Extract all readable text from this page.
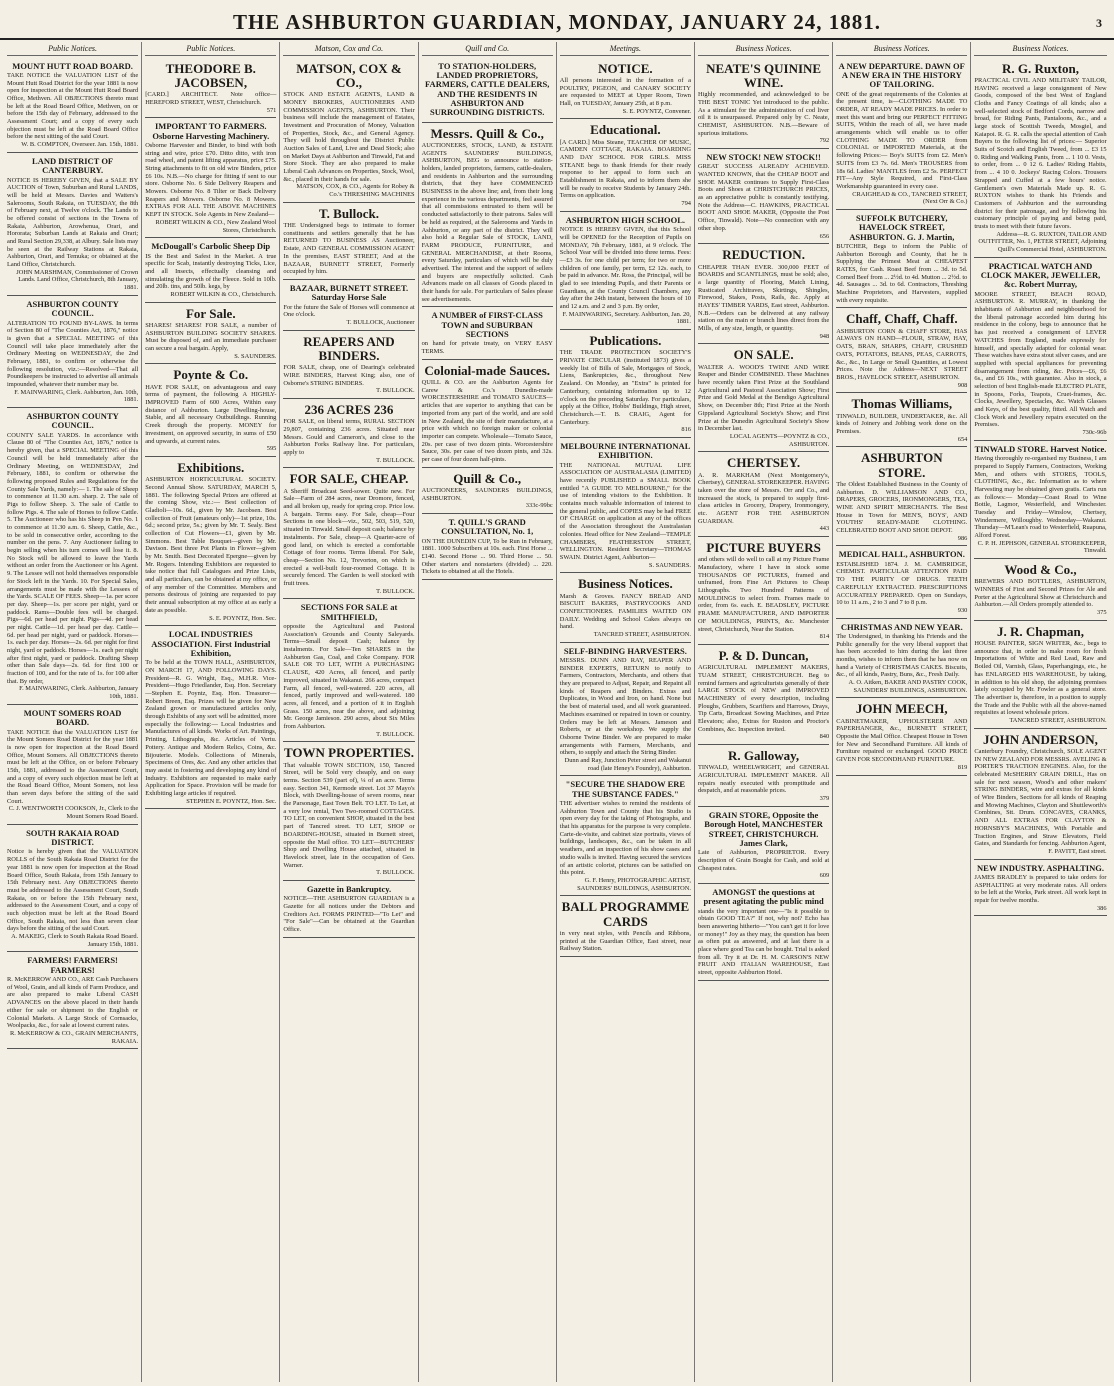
THE ASHBURTON GUARDIAN, MONDAY, JANUARY 24, 1881.	3
Public Notices.
MOUNT HUTT ROAD BOARD.

TAKE NOTICE the VALUATION LIST of the Mount Hutt Road District for the year 1881 is now open for inspection at the Mount Hutt Road Board Office, Methven. All OBJECTIONS thereto must be left at the Road Board Office, Methven, on or before the 15th day of February, addressed to the Assessment Court; and a copy of every such objection must be left at the Road Board Office before the next sitting of the said Court.

W. B. COMPTON, Overseer. Jan. 15th, 1881.
LAND DISTRICT OF CANTERBURY.

NOTICE IS HEREBY GIVEN, that a SALE BY AUCTION of Town, Suburban and Rural LANDS, will be held at Messrs. Davies and Watters's Salerooms, South Rakaia, on TUESDAY, the 8th of February next, at Twelve o'clock. The Lands to be offered consist of sections in the Towns of Rakaia, Ashburton, Arowhenua, Orari, and Hororata; Suburban Lands at Rakaia and Orari; and Rural Section 29,338, at Albury. Sale lists may be seen at the Railway Stations at Rakaia, Ashburton, Orari, and Temuka; or obtained at the Land Office, Christchurch.

JOHN MARSHMAN, Commissioner of Crown Lands. Land Office, Christchurch, 8th January, 1881.
ASHBURTON COUNTY COUNCIL.

ALTERATION TO FOUND BY-LAWS. In terms of Section 80 of "The Counties Act, 1876," notice is given that a SPECIAL MEETING of this Council will take place immediately after the Ordinary Meeting on WEDNESDAY, the 2nd February, 1881, to confirm or otherwise the following resolution, viz.:—Resolved—That all Poundkeepers be instructed to advertise all animals impounded, whatever their number may be.

F. MAINWARING, Clerk. Ashburton, Jan. 10th, 1881.
ASHBURTON COUNTY COUNCIL.

COUNTY SALE YARDS. In accordance with Clause 80 of "The Counties Act, 1876," notice is hereby given, that a SPECIAL MEETING of this Council will be held immediately after the Ordinary Meeting, on WEDNESDAY, 2nd February, 1881, to confirm or otherwise the following proposed Rules and Regulations for the County Sale Yards, namely:— 1. The sale of Sheep to commence at 11.30 a.m. sharp. 2. The sale of Pigs to follow Sheep. 3. The sale of Cattle to follow Pigs. 4. The sale of Horses to follow Cattle. 5. The Auctioneer who has his Sheep in Pen No. 1 to commence at 11.30 a.m. 6. Sheep, Cattle, &c., to be sold in consecutive order, according to the number on the pens. 7. Any Auctioneer failing to begin selling when his turn comes will lose it. 8. No Stock will be allowed to leave the Yards without an order from the Auctioneer or his Agent. 9. The Lessee will not hold themselves responsible for Stock left in the Yards. 10. For Special Sales, arrangements must be made with the Lessees of the Yards. SCALE OF FEES. Sheep—1a. per score per day. Sheep—1s. per score per night, yard or paddock. Rams—Double fees will be charged. Pigs—6d. per head per night. Pigs—4d. per head per night. Cattle—1d. per head per day. Cattle—6d. per head per night, yard or paddock. Horses—1s. each per day. Horses—2s. 6d. per night for first night, yard or paddock. Horses—1s. each per night after first night, yard or paddock. Drafting Sheep other than Sale days—2s. 6d. for first 100 or fraction of 100, and for the rate of 1s. for 100 after that. By order,

F. MAINWARING, Clerk. Ashburton, January 10th, 1881.
MOUNT SOMERS ROAD BOARD.

TAKE NOTICE that the VALUATION LIST for the Mount Somers Road District for the year 1881 is now open for inspection at the Road Board Office, Mount Somers. All OBJECTIONS thereto must be left at the Office, on or before February 15th, 1881, addressed to the Assessment Court, and a copy of every such objection must be left at the Road Board Office, Mount Somers, not less than seven days before the sitting of the said Court.

C. J. WENTWORTH COOKSON, Jr., Clerk to the Mount Somers Road Board.
SOUTH RAKAIA ROAD DISTRICT.

Notice is hereby given that the VALUATION ROLLS of the South Rakaia Road District for the year 1881 is now open for inspection at the Road Board Office, South Rakaia, from 15th January to 15th February next. Any OBJECTIONS thereto must be addressed to the Assessment Court, South Rakaia, on or before the 15th February next, addressed to the Assessment Court, and a copy of such objection must be left at the Road Board Office, South Rakaia, not less than seven clear days before the sitting of the said Court.

A. MAKEIG, Clerk to South Rakaia Road Board. January 15th, 1881.
FARMERS! FARMERS! FARMERS!

R. McKERROW AND CO., ARE Cash Purchasers of Wool, Grain, and all kinds of Farm Produce, and are also prepared to make Liberal CASH ADVANCES on the above placed in their hands either for sale or shipment to the English or Colonial Markets. A Large Stock of Cornsacks, Woolpacks, &c., for sale at lowest current rates.

R. McKERROW & CO., GRAIN MERCHANTS, RAKAIA.
Public Notices.
THEODORE B. JACOBSEN,

[CARD.] ARCHITECT. Note office—HEREFORD STREET, WEST, Christchurch.

571
IMPORTANT TO FARMERS. Osborne Harvesting Machinery.

Osborne Harvester and Binder, to bind with both string and wire, price £70. Ditto ditto, with iron road wheel, and patent lifting apparatus, price £75. String attachments to fit on old wire Binders, price £6 10s. N.B.—No charge for fitting if sent to our store. Osborne No. 6 Side Delivery Reapers and Mowers. Osborne No. 8 Tilter or Back Delivery Reapers and Mowers. Osborne No. 8 Mowers. EXTRAS FOR ALL THE ABOVE MACHINES KEPT IN STOCK. Sole Agents in New Zealand—

ROBERT WILKIN & CO., New Zealand Wool Stores, Christchurch.
McDougall's Carbolic Sheep Dip

IS the Best and Safest in the Market. A true specific for Scab, instantly destroying Ticks, Lice, and all Insects, effectually cleansing and stimulating the growth of the Fleece. Sold in 10lb. and 20lb. tins, and 50lb. kegs, by

ROBERT WILKIN & CO., Christchurch.
For Sale.

SHARES! SHARES! FOR SALE, a number of ASHBURTON BUILDING SOCIETY SHARES. Must be disposed of, and an immediate purchaser can secure a real bargain. Apply,

S. SAUNDERS.
Poynte & Co.

HAVE FOR SALE, on advantageous and easy terms of payment, the following A HIGHLY-IMPROVED Farm of 600 Acres, Within easy distance of Ashburton. Large Dwelling-house, Stable, and all necessary Outbuildings. Running Creek through the property. MONEY for investment, on approved security, in sums of £50 and upwards, at current rates.

595
Exhibitions.

ASHBURTON HORTICULTURAL SOCIETY. Second Annual Show. SATURDAY, MARCH 5, 1881. The following Special Prizes are offered at the coming Show, viz.:— Best collection of Gladioli—10s. 6d., given by Mr. Jacobsen. Best collection of Fruit (amateurs only)—1st prize, 10s. 6d.; second prize, 5s.; given by Mr. T. Sealy. Best collection of Cut Flowers—£1, given by Mr. Simmons. Best Table Bouquet—given by Mr. Davison. Best three Pot Plants in Flower—given by Mr. Smith. Best Decorated Epergne—given by Mr. Rogers. Intending Exhibitors are requested to take notice that full Catalogues and Prize Lists, and all particulars, can be obtained at my office, or of any member of the Committee. Members and persons desirous of joining are requested to pay their annual subscription at my office at as early a date as possible.

S. E. POYNTZ, Hon. Sec.
LOCAL INDUSTRIES ASSOCIATION. First Industrial Exhibition,

To be held at the TOWN HALL, ASHBURTON, ON MARCH 17, AND FOLLOWING DAYS. President—R. G. Wright, Esq., M.H.R. Vice-President—Hugo Friedlander, Esq. Hon. Secretary—Stephen E. Poyntz, Esq. Hon. Treasurer—Robert Breen, Esq. Prizes will be given for New Zealand grown or manufactured articles only, through Exhibits of any sort will be admitted, more especially the following:— Local Industries and Manufactures of all kinds. Works of Art. Paintings, Printing, Lithographs, &c. Articles of Vertu. Pottery. Antique and Modern Relics, Coins, &c. Bijouterie. Models. Collections of Minerals, Specimens of Ores, &c. And any other articles that may assist in fostering and developing any kind of Industry. Exhibitors are requested to make early Application for Space. Provision will be made for Exhibiting large articles if required.

STEPHEN E. POYNTZ, Hon. Sec.
Matson, Cox and Co.
MATSON, COX & CO.,

STOCK AND ESTATE AGENTS, LAND & MONEY BROKERS, AUCTIONEERS AND COMMISSION AGENTS, ASHBURTON. Their business will include the management of Estates, Investment and Procuration of Money, Valuation of Properties, Stock, &c., and General Agency. They will hold throughout the District Public Auction Sales of Land, Live and Dead Stock; also on Market Days at Ashburton and Tinwald, Fat and Store Stock. They are also prepared to make Liberal Cash Advances on Properties, Stock, Wool, &c., placed in their hands for sale.

MATSON, COX, & CO., Agents for Robey & Co.'s THRESHING MACHINES
T. Bullock.

THE Undersigned begs to intimate to former constituents and settlers generally that he has RETURNED TO BUSINESS AS Auctioneer, Estate, AND GENERAL COMMISSION AGENT In the premises, EAST STREET, And at the BAZAAR, BURNETT STREET, Formerly occupied by him.

BAZAAR, BURNETT STREET. Saturday Horse Sale

For the future the Sale of Horses will commence at One o'clock.

T. BULLOCK, Auctioneer
REAPERS AND BINDERS.

FOR SALE, cheap, one of Dearing's celebrated WIRE BINDERS, Harvest King; also, one of Osborne's STRING BINDERS.

T. BULLOCK.
236 ACRES 236

FOR SALE, on liberal terms, RURAL SECTION 29,807, containing 236 acres. Situated near Messrs. Gould and Cameron's, and close to the Ashburton Forks Railway line. For particulars, apply to

T. BULLOCK.
FOR SALE, CHEAP.

A Sheriff Broadcast Seed-sower. Quite new. For Sale—Farm of 284 acres, near Dromore, fenced, and all broken up, ready for spring crop. Price low. A bargain. Terms easy. For Sale, cheap—Four Sections in one block—viz., 502, 503, 519, 520, situated in Tinwald. Small deposit cash; balance by instalments. For Sale, cheap—A Quarter-acre of good land, on which is erected a comfortable Cottage of four rooms. Terms liberal. For Sale, cheap—Section No. 12, Trevorton, on which is erected a well-built four-roomed Cottage. It is securely fenced. The Garden is well stocked with fruit trees.

T. BULLOCK.
SECTIONS FOR SALE at SMITHFIELD,

opposite the Agricultural and Pastoral Association's Grounds and County Saleyards. Terms—Small deposit Cash; balance by instalments. For Sale—Ten SHARES in the Ashburton Gas, Coal, and Coke Company. FOR SALE OR TO LET, WITH A PURCHASING CLAUSE, 420 Acres, all fenced, and partly improved, situated in Wakanui. 266 acres, compact Farm, all fenced, well-watered. 220 acres, all fenced, partly improved and well-watered. 180 acres, all fenced, and a portion of it in English Grass. 150 acres, near the above, and adjoining Mr. George Jamieson. 290 acres, about Six Miles from Ashburton.

T. BULLOCK.
TOWN PROPERTIES.

That valuable TOWN SECTION, 150, Tancred Street, will be Sold very cheaply, and on easy terms. Section 539 (part of), ¼ of an acre. Terms easy. Section 341, Kermode street. Lot 37 Mayo's Block, with Dwelling-house of seven rooms, near the Parsonage, East Town Belt. TO LET. To Let, at a very low rental, Two Two-roomed COTTAGES. TO LET, on convenient SHOP, situated in the best part of Tancred street. TO LET, SHOP or BOARDING-HOUSE, situated in Burnett street, opposite the Mail office. TO LET—BUTCHERS' Shop and Dwelling House attached, situated in Havelock street, late in the occupation of Geo. Warner.

T. BULLOCK.
Gazette in Bankruptcy.

NOTICE—THE ASHBURTON GUARDIAN is a Gazette for all notices under the Debtors and Creditors Act. FORMS PRINTED—"To Let" and "For Sale"—Can be obtained at the Guardian Office.

Quill and Co.
TO STATION-HOLDERS, LANDED PROPRIETORS, FARMERS, CATTLE DEALERS, AND THE RESIDENTS IN ASHBURTON AND SURROUNDING DISTRICTS.
Messrs. Quill & Co.,

AUCTIONEERS, STOCK, LAND, & ESTATE AGENTS SAUNDERS' BUILDINGS, ASHBURTON, BEG to announce to station-holders, landed proprietors, farmers, cattle-dealers, and residents in Ashburton and the surrounding districts, that they have COMMENCED BUSINESS in the above line; and, from their long experience in the various departments, feel assured that all commissions entrusted to them will be conducted satisfactorily to their patrons. Sales will be held as required, at the Salerooms and Yards in Ashburton, or any part of the district. They will also hold a Regular Sale of STOCK, LAND, FARM PRODUCE, FURNITURE, and GENERAL MERCHANDISE, at their Rooms, every Saturday, particulars of which will be duly advertised. The interest and the support of sellers and buyers are respectfully solicited. Cash Advances made on all classes of Goods placed in their hands for sale. For particulars of Sales please see advertisements.

A NUMBER of FIRST-CLASS TOWN and SUBURBAN SECTIONS

on hand for private treaty, on VERY EASY TERMS.

Colonial-made Sauces.

QUILL & CO. are the Ashburton Agents for Carew & Co.'s Dunedin-made WORCESTERSHIRE and TOMATO SAUCES—articles that are superior to anything that can be imported from any part of the world, and are sold in New Zealand, the site of their manufacture, at a price with which no foreign maker or colonial importer can compete. Wholesale—Tomato Sauce, 20s. per case of two dozen pints. Worcestershire Sauce, 30s. per case of two dozen pints, and 32s. per case of four dozen half-pints.

Quill & Co.,

AUCTIONEERS, SAUNDERS BUILDINGS, ASHBURTON.

333c-99bc
T. QUILL'S GRAND CONSULTATION, No. 1,

ON THE DUNEDIN CUP, To be Run in February, 1881. 1000 Subscribers at 10s. each. First Horse ... £140. Second Horse ... 90. Third Horse ... 50. Other starters and nonstarters (divided) ... 220. Tickets to obtained at all the Hotels.

Meetings.
NOTICE.

All persons interested in the formation of a POULTRY, PIGEON, and CANARY SOCIETY are requested to MEET at Upper Room, Town Hall, on TUESDAY, January 25th, at 8 p.m.

S. E. POYNTZ, Convener.
Educational.

[A CARD.] Miss Steane, TEACHER OF MUSIC, CAMDEN COTTAGE, RAKAIA. BOARDING AND DAY SCHOOL FOR GIRLS. MISS STEANE begs to thank friends for their ready response to her appeal to form such an Establishment in Rakaia, and to inform them she will be ready to receive Students by January 24th. Terms on application.

794
ASHBURTON HIGH SCHOOL.

NOTICE IS HEREBY GIVEN, that this School will be OPENED for the Reception of Pupils on MONDAY, 7th February, 1881, at 9 o'clock. The School Year will be divided into three terms. Fees:—£3 3s. for one child per term; for two or more children of one family, per term, £2 12s. each, to be paid in advance. Mr. Ross, the Principal, will be glad to see intending Pupils, and their Parents or Guardians, at the County Council Chambers, any day after the 24th instant, between the hours of 10 and 12 a.m. and 2 and 3 p.m. By order,

F. MAINWARING, Secretary. Ashburton, Jan. 20, 1881.
Publications.

THE TRADE PROTECTION SOCIETY'S PRIVATE CIRCULAR (instituted 1873) gives a weekly list of Bills of Sale, Mortgages of Stock, Liens, Bankruptcies, &c., throughout New Zealand. On Monday, an "Extra" is printed for Canterbury, containing information up to 12 o'clock on the preceding Saturday. For particulars, apply at the Office, Hobbs' Buildings, High street, Christchurch.—T. B. CRAIG, Agent for Canterbury.

816
MELBOURNE INTERNATIONAL EXHIBITION.

THE NATIONAL MUTUAL LIFE ASSOCIATION OF AUSTRALASIA (LIMITED) have recently PUBLISHED a SMALL BOOK entitled "A GUIDE TO MELBOURNE," for the use of intending visitors to the Exhibition. It contains much valuable information of interest to the general public, and COPIES may be had FREE OF CHARGE on application at any of the offices of the Association throughout the Australasian colonies. Head office for New Zealand—TEMPLE CHAMBERS, FEATHERSTON STREET, WELLINGTON. Resident Secretary—THOMAS SWAIN. District Agent, Ashburton—

S. SAUNDERS.
Business Notices.

Marsh & Groves. FANCY BREAD AND BISCUIT BAKERS, PASTRYCOOKS AND CONFECTIONERS. FAMILIES WAITED ON DAILY. Wedding and School Cakes always on hand.

TANCRED STREET, ASHBURTON.
SELF-BINDING HARVESTERS.

MESSRS. DUNN AND RAY, REAPER AND BINDER EXPERTS, RETURN to notify to Farmers, Contractors, Merchants, and others that they are prepared to Adjust, Repair, and Repaint all kinds of Reapers and Binders. Extras and Duplicates, in Wood and Iron, on hand. None but the best of material used, and all work guaranteed. Machines examined or repaired in town or country. Orders may be left at Messrs. Jameson and Roberts, or at the workshop. We supply the Osborne Twine Binder. We are prepared to make arrangements with Farmers, Merchants, and others, to supply and attach the String Binder.

Dunn and Ray, Junction Peter street and Wakanui road (late Heney's Foundry), Ashburton.
"SECURE THE SHADOW ERE THE SUBSTANCE FADES."

THE advertiser wishes to remind the residents of Ashburton Town and County that his Studio is open every day for the taking of Photographs, and that his apparatus for the purpose is very complete. Carte-de-visite, and cabinet size portraits, views of buildings, landscapes, &c., can be taken in all weathers, and an inspection of his show cases and studio walls is invited. Having secured the services of an artistic colorist, pictures can be satisfied on this point.

G. F. Henry, PHOTOGRAPHIC ARTIST, SAUNDERS' BUILDINGS, ASHBURTON.
BALL PROGRAMME CARDS

in very neat styles, with Pencils and Ribbons, printed at the Guardian Office, East street, near Railway Station.

Business Notices.
NEATE'S QUININE WINE.

Highly recommended, and acknowledged to be THE BEST TONIC Yet introduced to the public. As a stimulant for the administration of cod liver oil it is unsurpassed. Prepared only by C. Neate, CHEMIST, ASHBURTON. N.B.—Beware of spurious imitations.

792
NEW STOCK! NEW STOCK!!

GREAT SUCCESS ALREADY ACHIEVED. WANTED KNOWN, that the CHEAP BOOT and SHOE MAKER continues to Supply First-Class Boots and Shoes at CHRISTCHURCH PRICES, as an appreciative public is constantly testifying. Note the Address—C. HAWKINS, PRACTICAL BOOT AND SHOE MAKER, (Opposite the Post Office, Tinwald). Note—No connection with any other shop.

656
REDUCTION.

CHEAPER THAN EVER. 300,000 FEET of BOARDS and SCANTLINGS, must be sold; also, a large quantity of Flooring, Match Lining, Rusticated Architraves, Skirtings, Shingles, Firewood, Stakes, Posts, Rails, &c. Apply at HAYES' TIMBER YARDS, East street, Ashburton. N.B.—Orders can be delivered at any railway station on the main or branch lines direct from the Mills, of any size, length, or quantity.

948
ON SALE.

WALTER A. WOOD'S TWINE AND WIRE Reaper and Binder COMBINED. These Machines have recently taken First Prize at the Southland Agricultural and Pastoral Association Show; First Prize and Gold Medal at the Bendigo Agricultural Show, on December 8th; First Prize at the North Gippsland Agricultural Society's Show; and First Prize at the Dunedin Agricultural Society's Show in December last.

LOCAL AGENTS—POYNTZ & CO., ASHBURTON.
CHERTSEY.

A. R. MARKHAM (Next Montgomery's, Chertsey), GENERAL STOREKEEPER. HAVING taken over the store of Messrs. Orr and Co., and increased the stock, is prepared to supply first-class articles in Grocery, Drapery, Ironmongery, etc. AGENT FOR THE ASHBURTON GUARDIAN.

443
PICTURE BUYERS

and others will do well to call at my Picture Frame Manufactory, where I have in stock some THOUSANDS OF PICTURES, framed and unframed, from Fine Art Pictures to Cheap Lithographs. Two Hundred Patterns of MOULDINGS to select from. Frames made to order, from 6s. each. E. BEADSLEY, PICTURE FRAME MANUFACTURER, AND IMPORTER OF MOULDINGS, PRINTS, &c. Manchester street, Christchurch, Near the Station.

814
P. & D. Duncan,

AGRICULTURAL IMPLEMENT MAKERS, TUAM STREET, CHRISTCHURCH. Beg to remind farmers and agriculturists generally of their LARGE STOCK of NEW and IMPROVED MACHINERY of every description, including Ploughs, Grubbers, Scarifiers and Harrows, Drays, Tip Carts, Broadcast Sowing Machines, and Prize Elevators; also, Extras for Ruston and Proctor's Combines, &c. Inspection invited.

840
R. Galloway,

TINWALD, WHEELWRIGHT, and GENERAL AGRICULTURAL IMPLEMENT MAKER. All repairs neatly executed with promptitude and despatch, and at reasonable prices.

379
GRAIN STORE, Opposite the Borough Hotel, MANCHESTER STREET, CHRISTCHURCH. James Clark,

Late of Ashburton, PROPRIETOR. Every description of Grain Bought for Cash, and sold at Cheapest rates.

609
AMONGST the questions at present agitating the public mind

stands the very important one—"Is it possible to obtain GOOD TEA?" If not, why not? Echo has been answering hitherto—"You can't get it for love or money!" Joy as they may, the question has been as often put as answered, and at last there is a place where good Tea can be bought. Trial is asked from all. Try it at Dr. H. M. CARSON'S NEW FRUIT AND ITALIAN WAREHOUSE, East street, opposite Ashburton Hotel.

Business Notices.
A NEW DEPARTURE. DAWN OF A NEW ERA IN THE HISTORY OF TAILORING.

ONE of the great requirements of the Colonies at the present time, is—CLOTHING MADE TO ORDER, AT READY MADE PRICES. In order to meet this want and bring our PERFECT FITTING SUITS, Within the reach of all, we have made arrangements which will enable us to offer CLOTHING MADE TO ORDER from COLONIAL or IMPORTED Materials, at the following Prices:— Boy's SUITS from £2. Men's SUITS from £3 7s. 6d. Men's TROUSERS from 18s 6d. Ladies' MANTLES from £2 5s. PERFECT FIT—Any Style Required, and First-Class Workmanship guaranteed in every case.

CRAIGHEAD & CO., TANCRED STREET, (Next Orr & Co.)
SUFFOLK BUTCHERY, HAVELOCK STREET, ASHBURTON. G. J. Martin,

BUTCHER, Begs to inform the Public of Ashburton Borough and County, that he is Supplying the Primest Meat at CHEAPEST RATES, for Cash. Roast Beef from ... 3d. to 5d. Corned Beef from ... 2½d. to 4d. Mutton ... 2½d. to 4d. Sausages ... 3d. to 6d. Contractors, Threshing Machine Proprietors, and Harvesters, supplied with every requisite.

Chaff, Chaff, Chaff.

ASHBURTON CORN & CHAFF STORE, HAS ALWAYS ON HAND—FLOUR, STRAW, HAY, OATS, BRAN, SHARPS, CHAFF, CRUSHED OATS, POTATOES, BEANS, PEAS, CARROTS, &c., &c., In Large or Small Quantities, at Lowest Prices. Note the Address—NEXT STREET BROS., HAVELOCK STREET, ASHBURTON.

908
Thomas Williams,

TINWALD, BUILDER, UNDERTAKER, &c. All kinds of Joinery and Jobbing work done on the Premises.

654
ASHBURTON STORE.

The Oldest Established Business in the County of Ashburton. D. WILLIAMSON AND CO., DRAPERS, GROCERS, IRONMONGERS, TEA, WINE AND SPIRIT MERCHANTS. The Best House in Town for MEN'S, BOYS', AND YOUTHS' READY-MADE CLOTHING. CELEBRATED BOOT AND SHOE DEPOT.

986
MEDICAL HALL, ASHBURTON.

ESTABLISHED 1874. J. M. CAMBRIDGE, CHEMIST. PARTICULAR ATTENTION PAID TO THE PURITY OF DRUGS. TEETH CAREFULLY EXTRACTED. PRESCRIPTIONS ACCURATELY PREPARED. Open on Sundays, 10 to 11 a.m., 2 to 3 and 7 to 8 p.m.

930
CHRISTMAS AND NEW YEAR.

The Undersigned, in thanking his Friends and the Public generally for the very liberal support that has been accorded to him during the last three months, wishes to inform them that he has now on hand a Variety of CHRISTMAS CAKES. Biscuits, &c., of all kinds, Pastry, Buns, &c., Fresh Daily.

A. O. Aitken, BAKER AND PASTRY COOK, SAUNDERS' BUILDINGS, ASHBURTON.
JOHN MEECH,

CABINETMAKER, UPHOLSTERER AND PAPERHANGER, &c., BURNETT STREET, Opposite the Mail Office. Cheapest House in Town for New and Secondhand Furniture. All kinds of Furniture repaired or exchanged. GOOD PRICE GIVEN FOR SECONDHAND FURNITURE.

819
Business Notices.
R. G. Ruxton,

PRACTICAL CIVIL AND MILITARY TAILOR, HAVING received a large consignment of New Goods, composed of the best West of England Cloths and Fancy Coatings of all kinds; also a well-selected stock of Bedford Cords, narrow and broad, for Riding Pants, Pantaloons, &c., and a large stock of Scottish Tweeds, Mosgiel, and Kaiapoi. R. G. R. calls the special attention of Cash Buyers to the following list of prices:— Superior Suits of Scotch and English Tweed, from ... £3 15 0. Riding and Walking Pants, from ... 1 10 0. Vests, to order, from ... 0 12 6. Ladies' Riding Habits, from ... 4 10 0. Jockeys' Racing Colors. Trousers Strapped and Cuffed at a few hours' notice. Gentlemen's own Materials Made up. R. G. RUXTON wishes to thank his Friends and Customers of Ashburton and the surrounding district for their patronage, and by following his customary principle of paying and being paid, trusts to meet with their future favors.

Address—R. G. RUXTON, TAILOR AND OUTFITTER, No. 1, PETER STREET, Adjoining Quill's Commercial Hotel, ASHBURTON.
PRACTICAL WATCH AND CLOCK MAKER, JEWELLER, &c. Robert Murray,

MOORE STREET, BEACH ROAD, ASHBURTON. R. MURRAY, in thanking the inhabitants of Ashburton and neighbourhood for the liberal patronage accorded him during his residence in the colony, begs to announce that he has just received a consignment of LEVER WATCHES from England, made expressly for himself, and specially adapted for colonial wear. These watches have extra stout silver cases, and are supplied with special appliances for preventing disarrangement from riding, &c. Prices—£6, £6 6s., and £6 10s., with guarantee. Also in stock, a selection of best English-made ELECTRO PLATE, in Spoons, Forks, Teapots, Cruet-frames, &c. Clocks, Jewellery, Spectacles, &c. Watch Glasses and Keys, of the best quality, fitted. All Watch and Clock Work and Jewellery repairs executed on the Premises.

730c-96b
TINWALD STORE. Harvest Notice.

Having thoroughly re-organised my Business, I am prepared to Supply Farmers, Contractors, Working Men, and others with STORES, TOOLS, CLOTHING, &c., &c. Information as to where Harvesting may be obtained given gratis. Carts run as follows:— Monday—Coast Road to Wine Bottle, Lagmor, Westerfield, and Winchester. Tuesday and Friday—Winslow, Chertsey, Windermere, Willoughby. Wednesday—Wakanui. Thursday—M'Lean's road to Westerfield, Ruapuna, Alford Forest.

C. P. H. JEPHSON, GENERAL STOREKEEPER, Tinwald.
Wood & Co.,

BREWERS AND BOTTLERS, ASHBURTON, WINNERS of First and Second Prizes for Ale and Porter at the Agricultural Show at Christchurch and Ashburton.—All Orders promptly attended to.

375
J. R. Chapman,

HOUSE PAINTER, SIGN WRITER, &c., begs to announce that, in order to make room for fresh Importations of White and Red Lead, Raw and Boiled Oil, Varnish, Glass, Paperhangings, etc., he has ENLARGED HIS WAREHOUSE, by taking, in addition to his old shop, the adjoining premises lately occupied by Mr. Fowler as a general store. The advertiser is, therefore, in a position to supply the Trade and the Public with all the above-named requisites at lowest wholesale prices.

TANCRED STREET, ASHBURTON.
JOHN ANDERSON,

Canterbury Foundry, Christchurch, SOLE AGENT IN NEW ZEALAND FOR MESSRS. AVELING & PORTER'S TRACTION ENGINES. Also, for the celebrated McSHERRY GRAIN DRILL, Has on sale for next season, Wood's and other makers' STRING BINDERS, wire and extras for all kinds of Wire Binders, Sections for all kinds of Reaping and Mowing Machines, Clayton and Shuttleworth's Combines, Stt. Drum. CONCAVES, CRANKS, AND ALL EXTRAS FOR CLAYTON & HORNSBY'S MACHINES, With Portable and Traction Engines, and Straw Elevators, Field Gates, and Standards for fencing. Ashburton Agent,

F. PAVITT, East street.
NEW INDUSTRY. ASPHALTING.

JAMES BRADLEY is prepared to take orders for ASPHALTING at very moderate rates. All orders to be left at the Works, Park street. All work kept in repair for twelve months.

386
